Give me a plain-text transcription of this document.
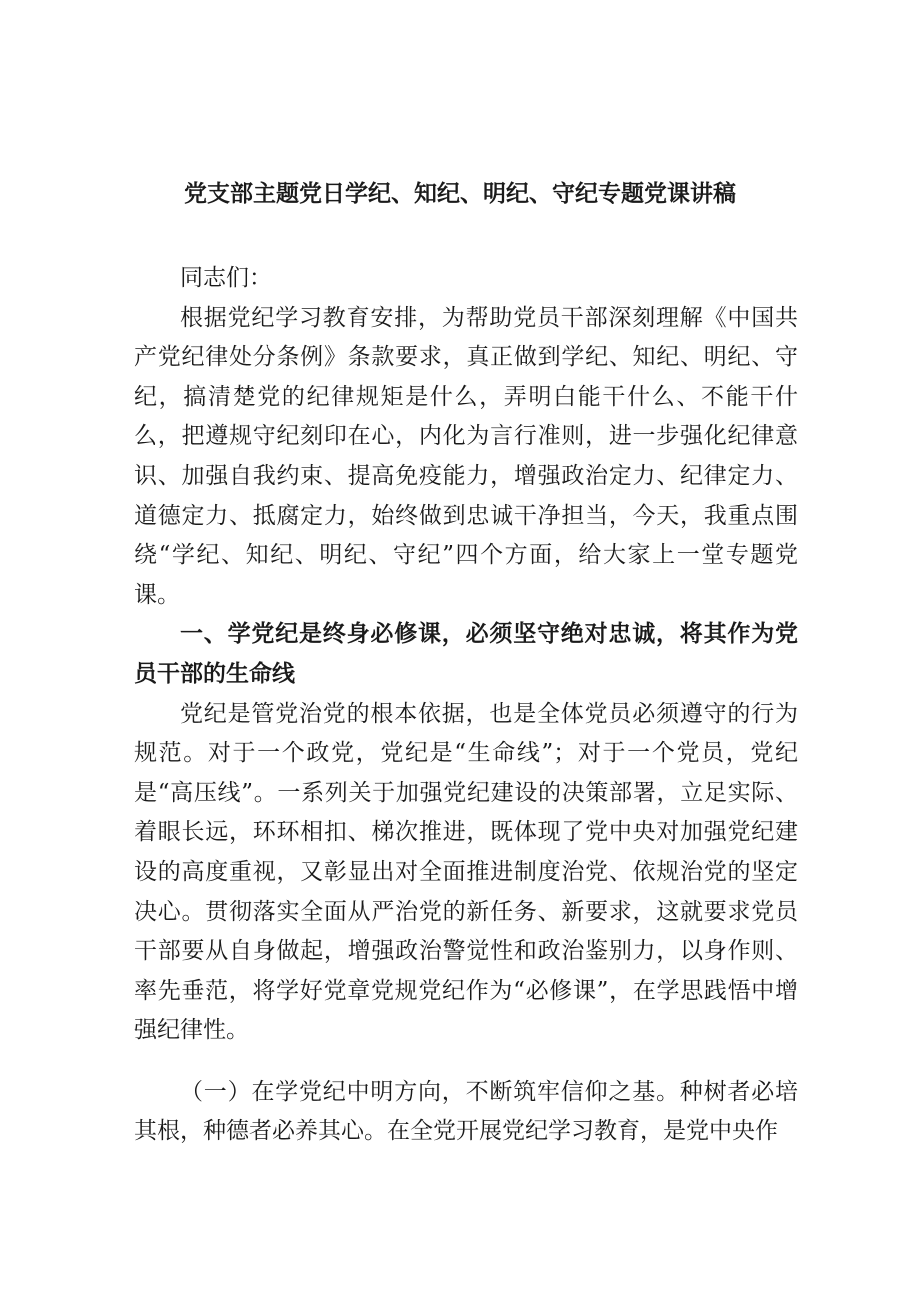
党支部主题党日学纪、知纪、明纪、守纪专题党课讲稿

同志们：

根据党纪学习教育安排，为帮助党员干部深刻理解《中国共产党纪律处分条例》条款要求，真正做到学纪、知纪、明纪、守纪，搞清楚党的纪律规矩是什么，弄明白能干什么、不能干什么，把遵规守纪刻印在心，内化为言行准则，进一步强化纪律意识、加强自我约束、提高免疫能力，增强政治定力、纪律定力、道德定力、抵腐定力，始终做到忠诚干净担当，今天，我重点围绕“学纪、知纪、明纪、守纪”四个方面，给大家上一堂专题党课。

一、学党纪是终身必修课，必须坚守绝对忠诚，将其作为党员干部的生命线

党纪是管党治党的根本依据，也是全体党员必须遵守的行为规范。对于一个政党，党纪是“生命线”；对于一个党员，党纪是“高压线”。一系列关于加强党纪建设的决策部署，立足实际、着眼长远，环环相扣、梯次推进，既体现了党中央对加强党纪建设的高度重视，又彰显出对全面推进制度治党、依规治党的坚定决心。贯彻落实全面从严治党的新任务、新要求，这就要求党员干部要从自身做起，增强政治警觉性和政治鉴别力，以身作则、率先垂范，将学好党章党规党纪作为“必修课”，在学思践悟中增强纪律性。

（一）在学党纪中明方向，不断筑牢信仰之基。种树者必培其根，种德者必养其心。在全党开展党纪学习教育，是党中央作
